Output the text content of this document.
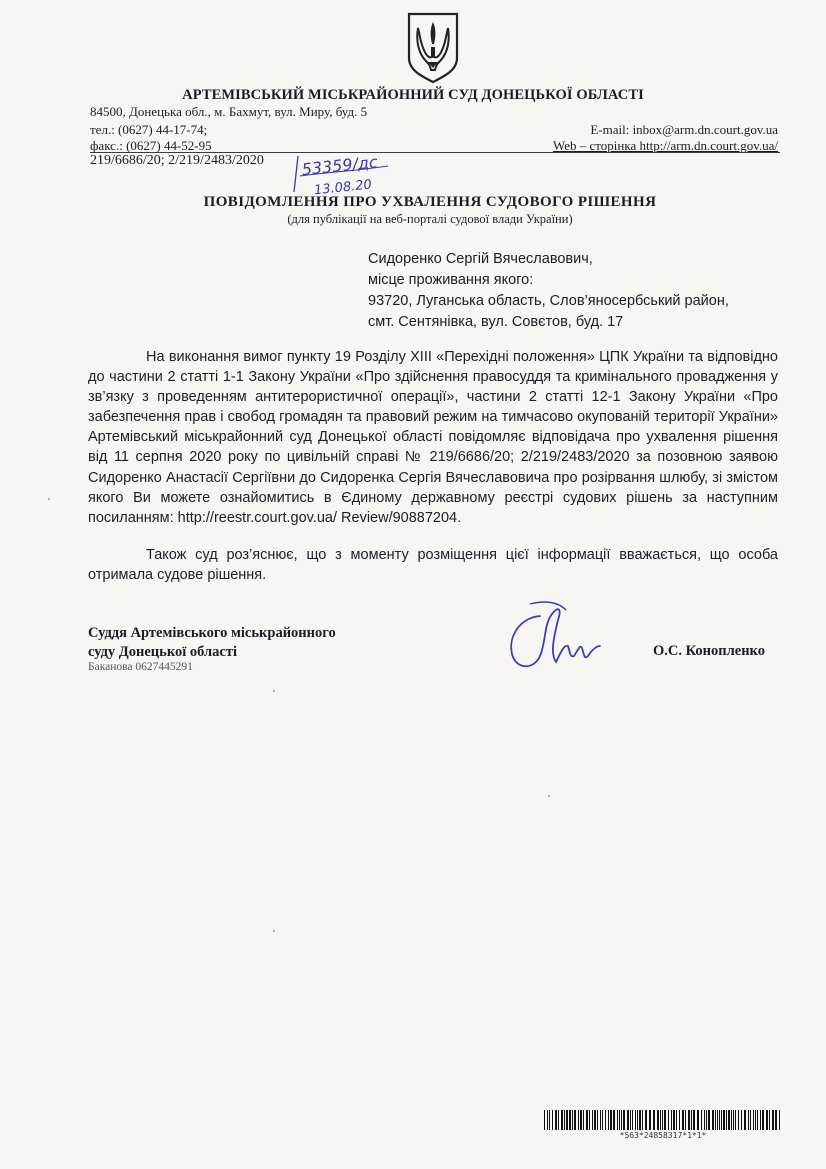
АРТЕМІВСЬКИЙ МІСЬКРАЙОННИЙ СУД ДОНЕЦЬКОЇ ОБЛАСТІ
84500, Донецька обл., м. Бахмут, вул. Миру, буд. 5
тел.: (0627) 44-17-74;	E-mail: inbox@arm.dn.court.gov.ua
факс.: (0627) 44-52-95	Web – сторінка http://arm.dn.court.gov.ua/
219/6686/20; 2/219/2483/2020 53359/дс
13.08.20
ПОВІДОМЛЕННЯ ПРО УХВАЛЕННЯ СУДОВОГО РІШЕННЯ
(для публікації на веб-порталі судової влади України)
Сидоренко Сергій Вячеславович,
місце проживання якого:
93720, Луганська область, Слов’яносербський район,
смт. Сентянівка, вул. Совєтов, буд. 17
На виконання вимог пункту 19 Розділу XIII «Перехідні положення» ЦПК України та відповідно до частини 2 статті 1-1 Закону України «Про здійснення правосуддя та кримінального провадження у зв’язку з проведенням антитерористичної операції», частини 2 статті 12-1 Закону України «Про забезпечення прав і свобод громадян та правовий режим на тимчасово окупованій території України» Артемівський міськрайонний суд Донецької області повідомляє відповідача про ухвалення рішення від 11 серпня 2020 року по цивільній справі № 219/6686/20; 2/219/2483/2020 за позовною заявою Сидоренко Анастасії Сергіївни до Сидоренка Сергія Вячеславовича про розірвання шлюбу, зі змістом якого Ви можете ознайомитись в Єдиному державному реєстрі судових рішень за наступним посиланням: http://reestr.court.gov.ua/ Review/90887204.
Також суд роз’яснює, що з моменту розміщення цієї інформації вважається, що особа отримала судове рішення.
Суддя Артемівського міськрайонного
суду Донецької області
Баканова 0627445291
О.С. Конопленко
*563*24858317*1*1*
